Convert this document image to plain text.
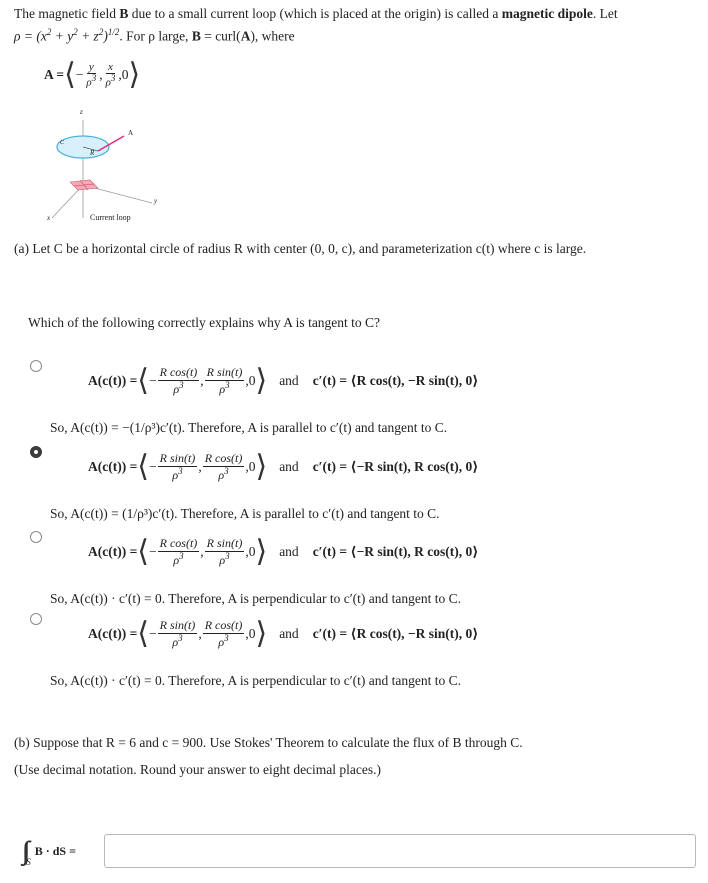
The magnetic field B due to a small current loop (which is placed at the origin) is called a magnetic dipole. Let
$\rho = (x^2 + y^2 + z^2)^{1/2}$. For ρ large, B = curl(A), where
A = ⟨ − $\frac{y}{\rho^3}$ , $\frac{x}{\rho^3}$ , 0 ⟩
z
y
x
A
R
C
Current loop
(a) Let C be a horizontal circle of radius R with center (0, 0, c), and parameterization c(t) where c is large.
Which of the following correctly explains why A is tangent to C?
A(c(t)) = ⟨ − $\frac{\text{R cos(t)}}{\rho^3}$ , $\frac{\text{R sin(t)}}{\rho^3}$ , 0 ⟩ and c′(t) = ⟨R cos(t), −R sin(t), 0⟩
So, A(c(t)) = −(1/ρ³)c′(t). Therefore, A is parallel to c′(t) and tangent to C.
A(c(t)) = ⟨ − $\frac{\text{R sin(t)}}{\rho^3}$ , $\frac{\text{R cos(t)}}{\rho^3}$ , 0 ⟩ and c′(t) = ⟨−R sin(t), R cos(t), 0⟩
So, A(c(t)) = (1/ρ³)c′(t). Therefore, A is parallel to c′(t) and tangent to C.
A(c(t)) = ⟨ − $\frac{\text{R cos(t)}}{\rho^3}$ , $\frac{\text{R sin(t)}}{\rho^3}$ , 0 ⟩ and c′(t) = ⟨−R sin(t), R cos(t), 0⟩
So, A(c(t)) · c′(t) = 0. Therefore, A is perpendicular to c′(t) and tangent to C.
A(c(t)) = ⟨ − $\frac{\text{R sin(t)}}{\rho^3}$ , $\frac{\text{R cos(t)}}{\rho^3}$ , 0 ⟩ and c′(t) = ⟨R cos(t), −R sin(t), 0⟩
So, A(c(t)) · c′(t) = 0. Therefore, A is perpendicular to c′(t) and tangent to C.
(b) Suppose that R = 6 and c = 900. Use Stokes' Theorem to calculate the flux of B through C.
(Use decimal notation. Round your answer to eight decimal places.)
∫∫ S
B · dS =
